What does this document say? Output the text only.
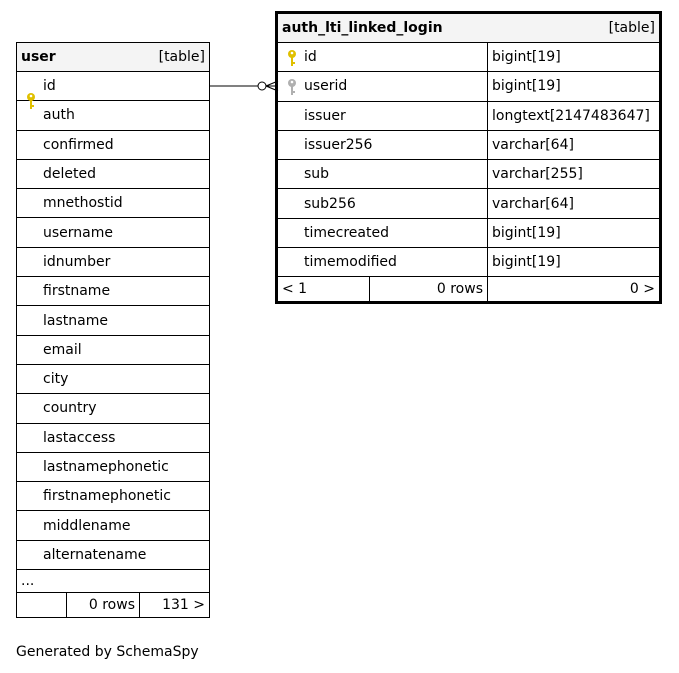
user	[table]
id
auth
confirmed
deleted
mnethostid
username
idnumber
firstname
lastname
email
city
country
lastaccess
lastnamephonetic
firstnamephonetic
middlename
alternatename
...
0 rows	131 >
auth_lti_linked_login	[table]
id	bigint[19]
userid	bigint[19]
issuer	longtext[2147483647]
issuer256	varchar[64]
sub	varchar[255]
sub256	varchar[64]
timecreated	bigint[19]
timemodified	bigint[19]
< 1	0 rows	0 >
Generated by SchemaSpy
